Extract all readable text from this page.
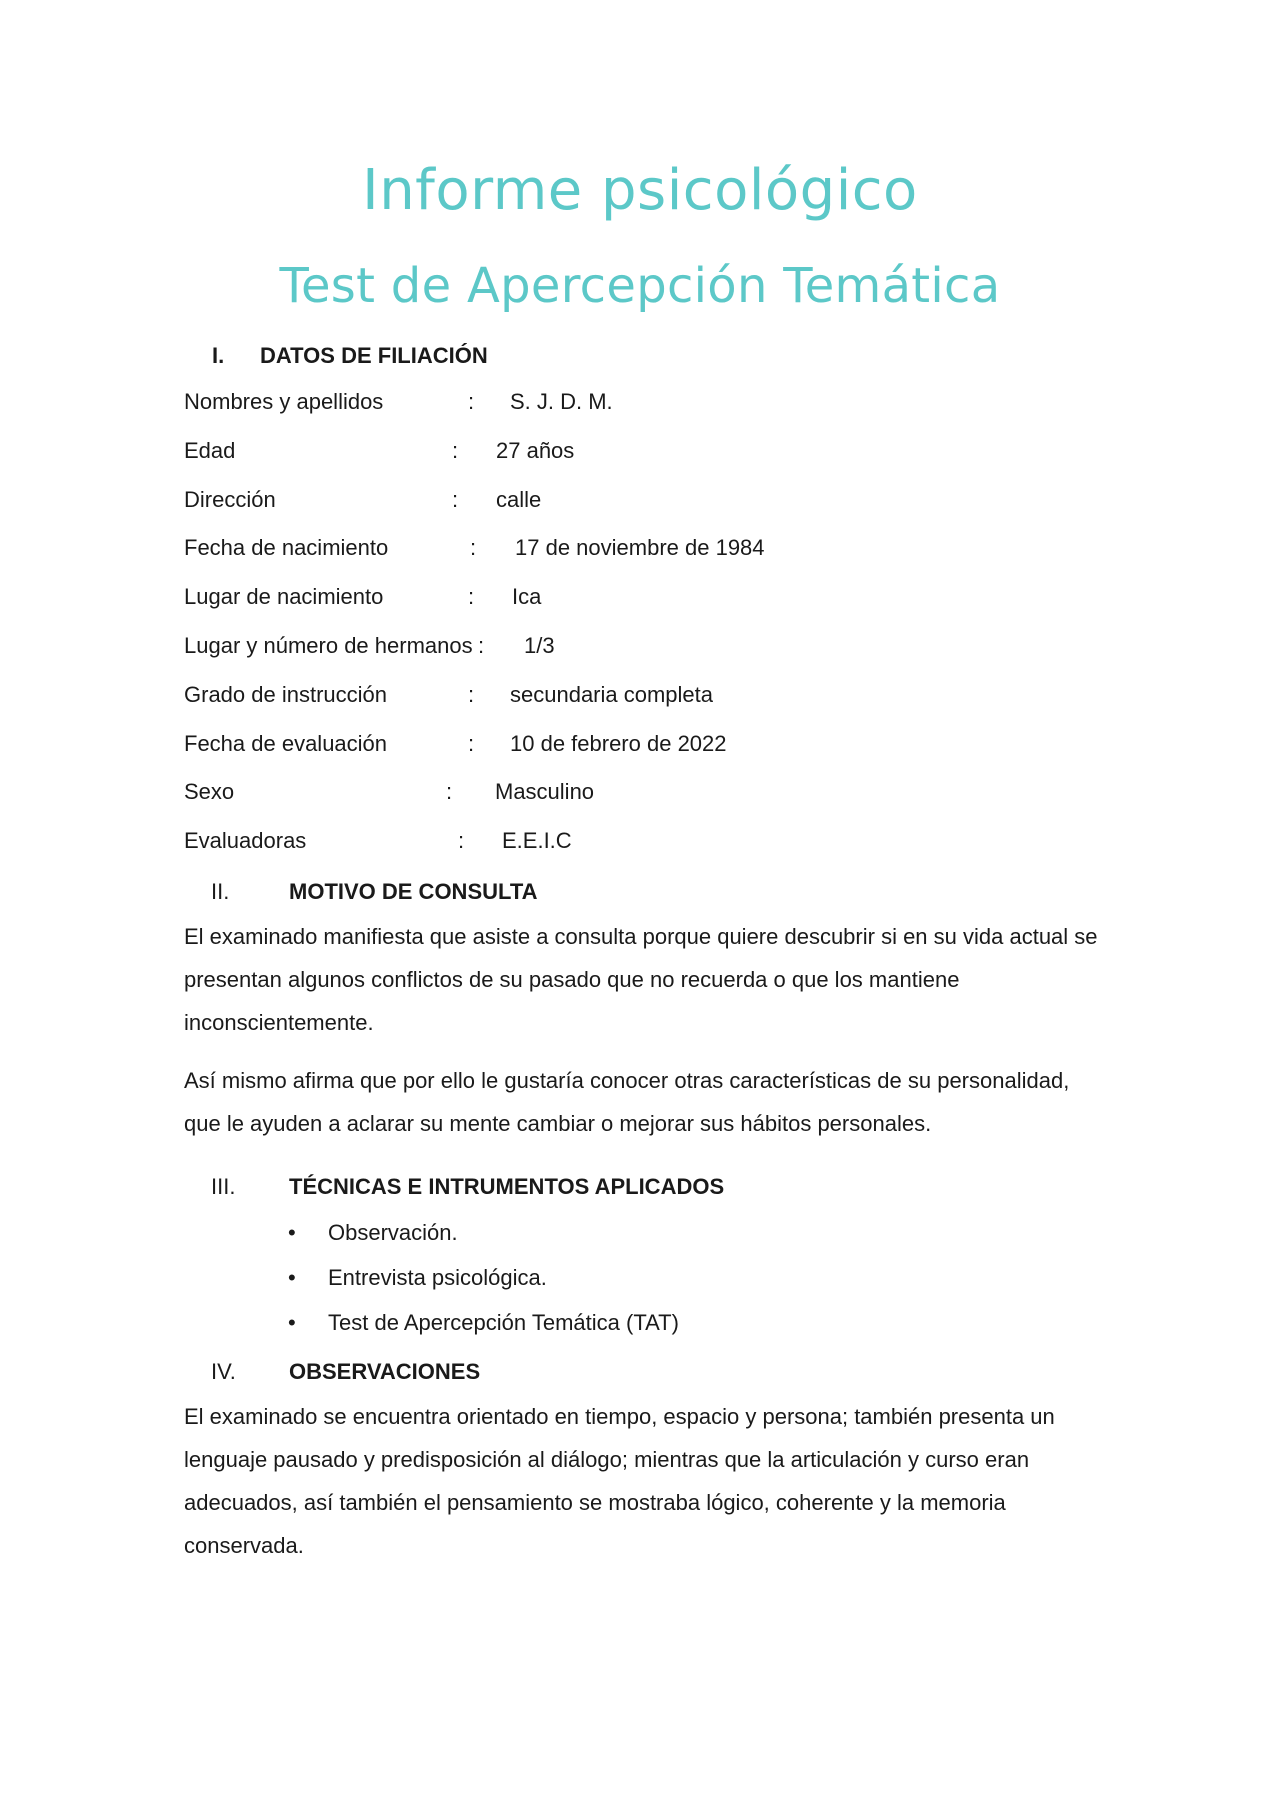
Informe psicológico
Test de Apercepción Temática
I. DATOS DE FILIACIÓN
Nombres y apellidos	: S. J. D. M.
Edad	: 27 años
Dirección	: calle
Fecha de nacimiento	: 17 de noviembre de 1984
Lugar de nacimiento	: Ica
Lugar y número de hermanos : 1/3
Grado de instrucción	: secundaria completa
Fecha de evaluación	: 10 de febrero de 2022
Sexo	: Masculino
Evaluadoras	: E.E.I.C
II.	MOTIVO DE CONSULTA

El examinado manifiesta que asiste a consulta porque quiere descubrir si en su vida actual se presentan algunos conflictos de su pasado que no recuerda o que los mantiene inconscientemente.

Así mismo afirma que por ello le gustaría conocer otras características de su personalidad, que le ayuden a aclarar su mente cambiar o mejorar sus hábitos personales.

III. TÉCNICAS E INTRUMENTOS APLICADOS
• Observación.
• Entrevista psicológica.
• Test de Apercepción Temática (TAT)
IV. OBSERVACIONES

El examinado se encuentra orientado en tiempo, espacio y persona; también presenta un lenguaje pausado y predisposición al diálogo; mientras que la articulación y curso eran adecuados, así también el pensamiento se mostraba lógico, coherente y la memoria conservada.
